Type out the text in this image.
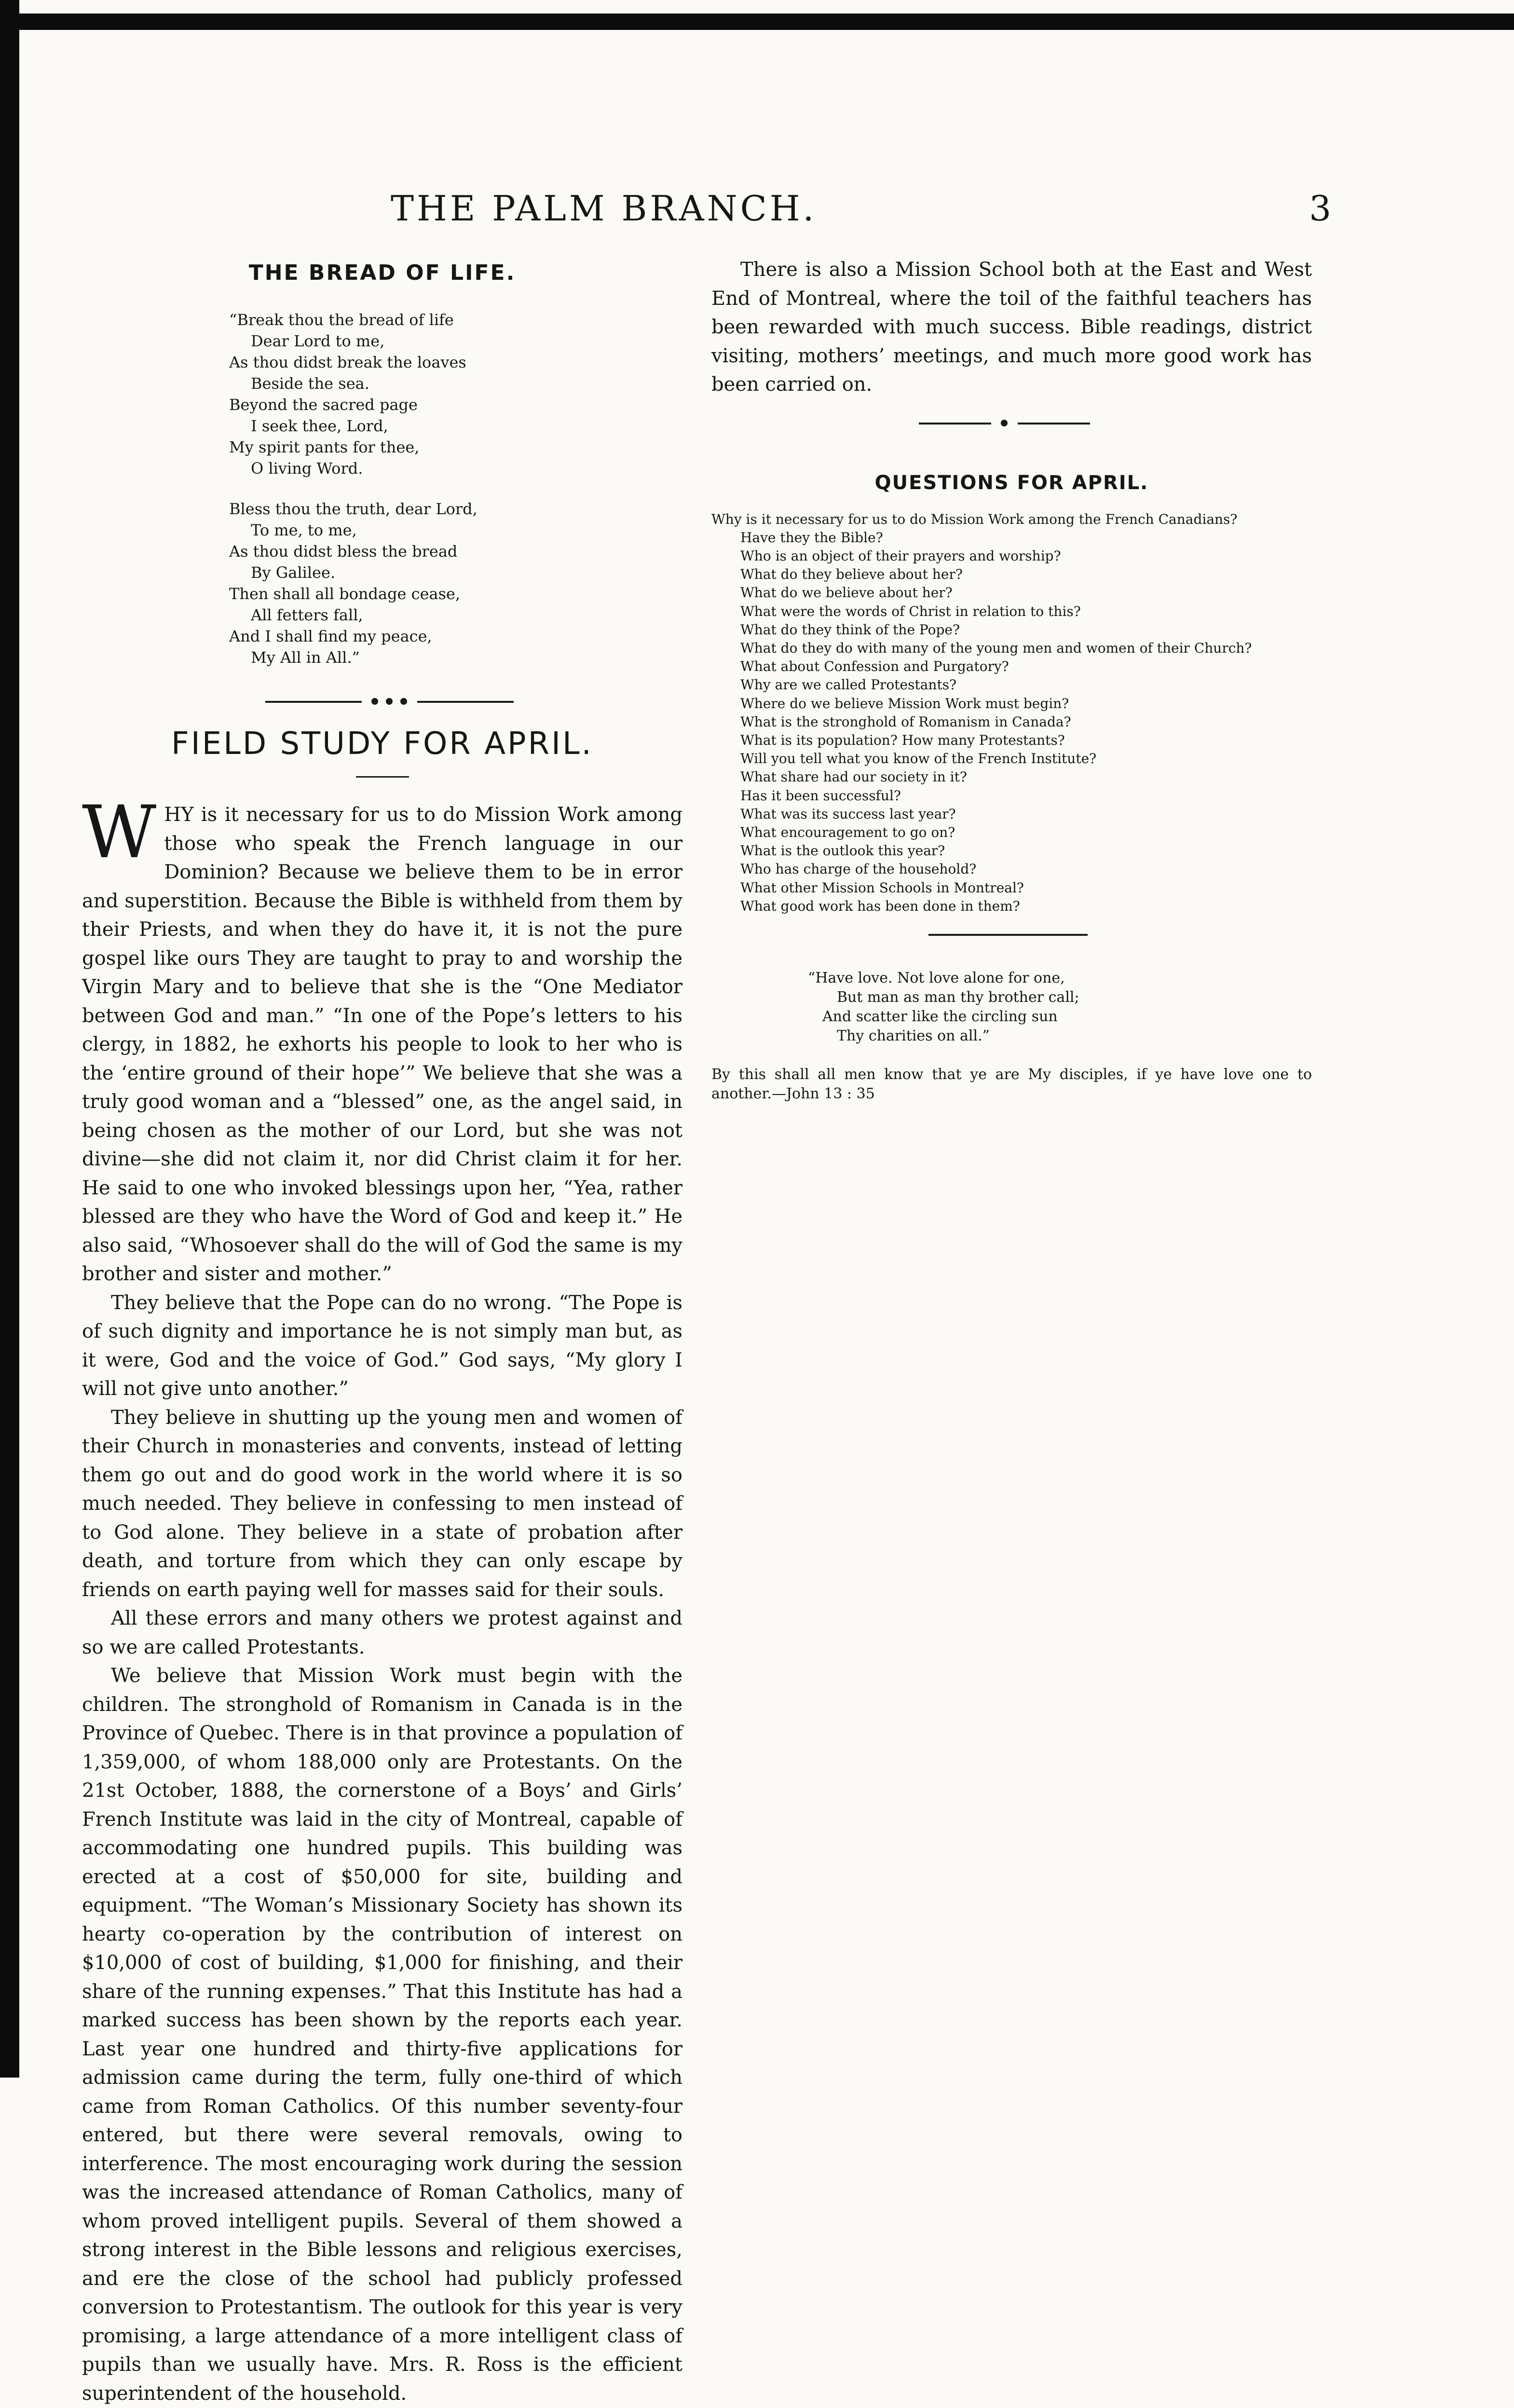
THE PALM BRANCH.	3
THE BREAD OF LIFE.
“Break thou the bread of life
Dear Lord to me,
As thou didst break the loaves
Beside the sea.
Beyond the sacred page
I seek thee, Lord,
My spirit pants for thee,
O living Word.
Bless thou the truth, dear Lord,
To me, to me,
As thou didst bless the bread
By Galilee.
Then shall all bondage cease,
All fetters fall,
And I shall find my peace,
My All in All.”
FIELD STUDY FOR APRIL.

WHY is it necessary for us to do Mission Work among those who speak the French language in our Dominion? Because we believe them to be in error and superstition. Because the Bible is withheld from them by their Priests, and when they do have it, it is not the pure gospel like ours They are taught to pray to and worship the Virgin Mary and to believe that she is the “One Mediator between God and man.” “In one of the Pope’s letters to his clergy, in 1882, he exhorts his people to look to her who is the ‘entire ground of their hope’” We believe that she was a truly good woman and a “blessed” one, as the angel said, in being chosen as the mother of our Lord, but she was not divine—she did not claim it, nor did Christ claim it for her. He said to one who invoked blessings upon her, “Yea, rather blessed are they who have the Word of God and keep it.” He also said, “Whosoever shall do the will of God the same is my brother and sister and mother.”

They believe that the Pope can do no wrong. “The Pope is of such dignity and importance he is not simply man but, as it were, God and the voice of God.” God says, “My glory I will not give unto another.”

They believe in shutting up the young men and women of their Church in monasteries and convents, instead of letting them go out and do good work in the world where it is so much needed. They believe in confessing to men instead of to God alone. They believe in a state of probation after death, and torture from which they can only escape by friends on earth paying well for masses said for their souls.

All these errors and many others we protest against and so we are called Protestants.

We believe that Mission Work must begin with the children. The stronghold of Romanism in Canada is in the Province of Quebec. There is in that province a population of 1,359,000, of whom 188,000 only are Protestants. On the 21st October, 1888, the cornerstone of a Boys’ and Girls’ French Institute was laid in the city of Montreal, capable of accommodating one hundred pupils. This building was erected at a cost of $50,000 for site, building and equipment. “The Woman’s Missionary Society has shown its hearty co-operation by the contribution of interest on $10,000 of cost of building, $1,000 for finishing, and their share of the running expenses.” That this Institute has had a marked success has been shown by the reports each year. Last year one hundred and thirty-five applications for admission came during the term, fully one-third of which came from Roman Catholics. Of this number seventy-four entered, but there were several removals, owing to interference. The most encouraging work during the session was the increased attendance of Roman Catholics, many of whom proved intelligent pupils. Several of them showed a strong interest in the Bible lessons and religious exercises, and ere the close of the school had publicly professed conversion to Protestantism. The outlook for this year is very promising, a large attendance of a more intelligent class of pupils than we usually have. Mrs. R. Ross is the efficient superintendent of the household.

There is also a Mission School both at the East and West End of Montreal, where the toil of the faithful teachers has been rewarded with much success. Bible readings, district visiting, mothers’ meetings, and much more good work has been carried on.

QUESTIONS FOR APRIL.
Why is it necessary for us to do Mission Work among the French Canadians?
Have they the Bible?
Who is an object of their prayers and worship?
What do they believe about her?
What do we believe about her?
What were the words of Christ in relation to this?
What do they think of the Pope?
What do they do with many of the young men and women of their Church?
What about Confession and Purgatory?
Why are we called Protestants?
Where do we believe Mission Work must begin?
What is the stronghold of Romanism in Canada?
What is its population? How many Protestants?
Will you tell what you know of the French Institute?
What share had our society in it?
Has it been successful?
What was its success last year?
What encouragement to go on?
What is the outlook this year?
Who has charge of the household?
What other Mission Schools in Montreal?
What good work has been done in them?
“Have love. Not love alone for one,
But man as man thy brother call;
And scatter like the circling sun
Thy charities on all.”
By this shall all men know that ye are My disciples, if ye have love one to another.—John 13 : 35
